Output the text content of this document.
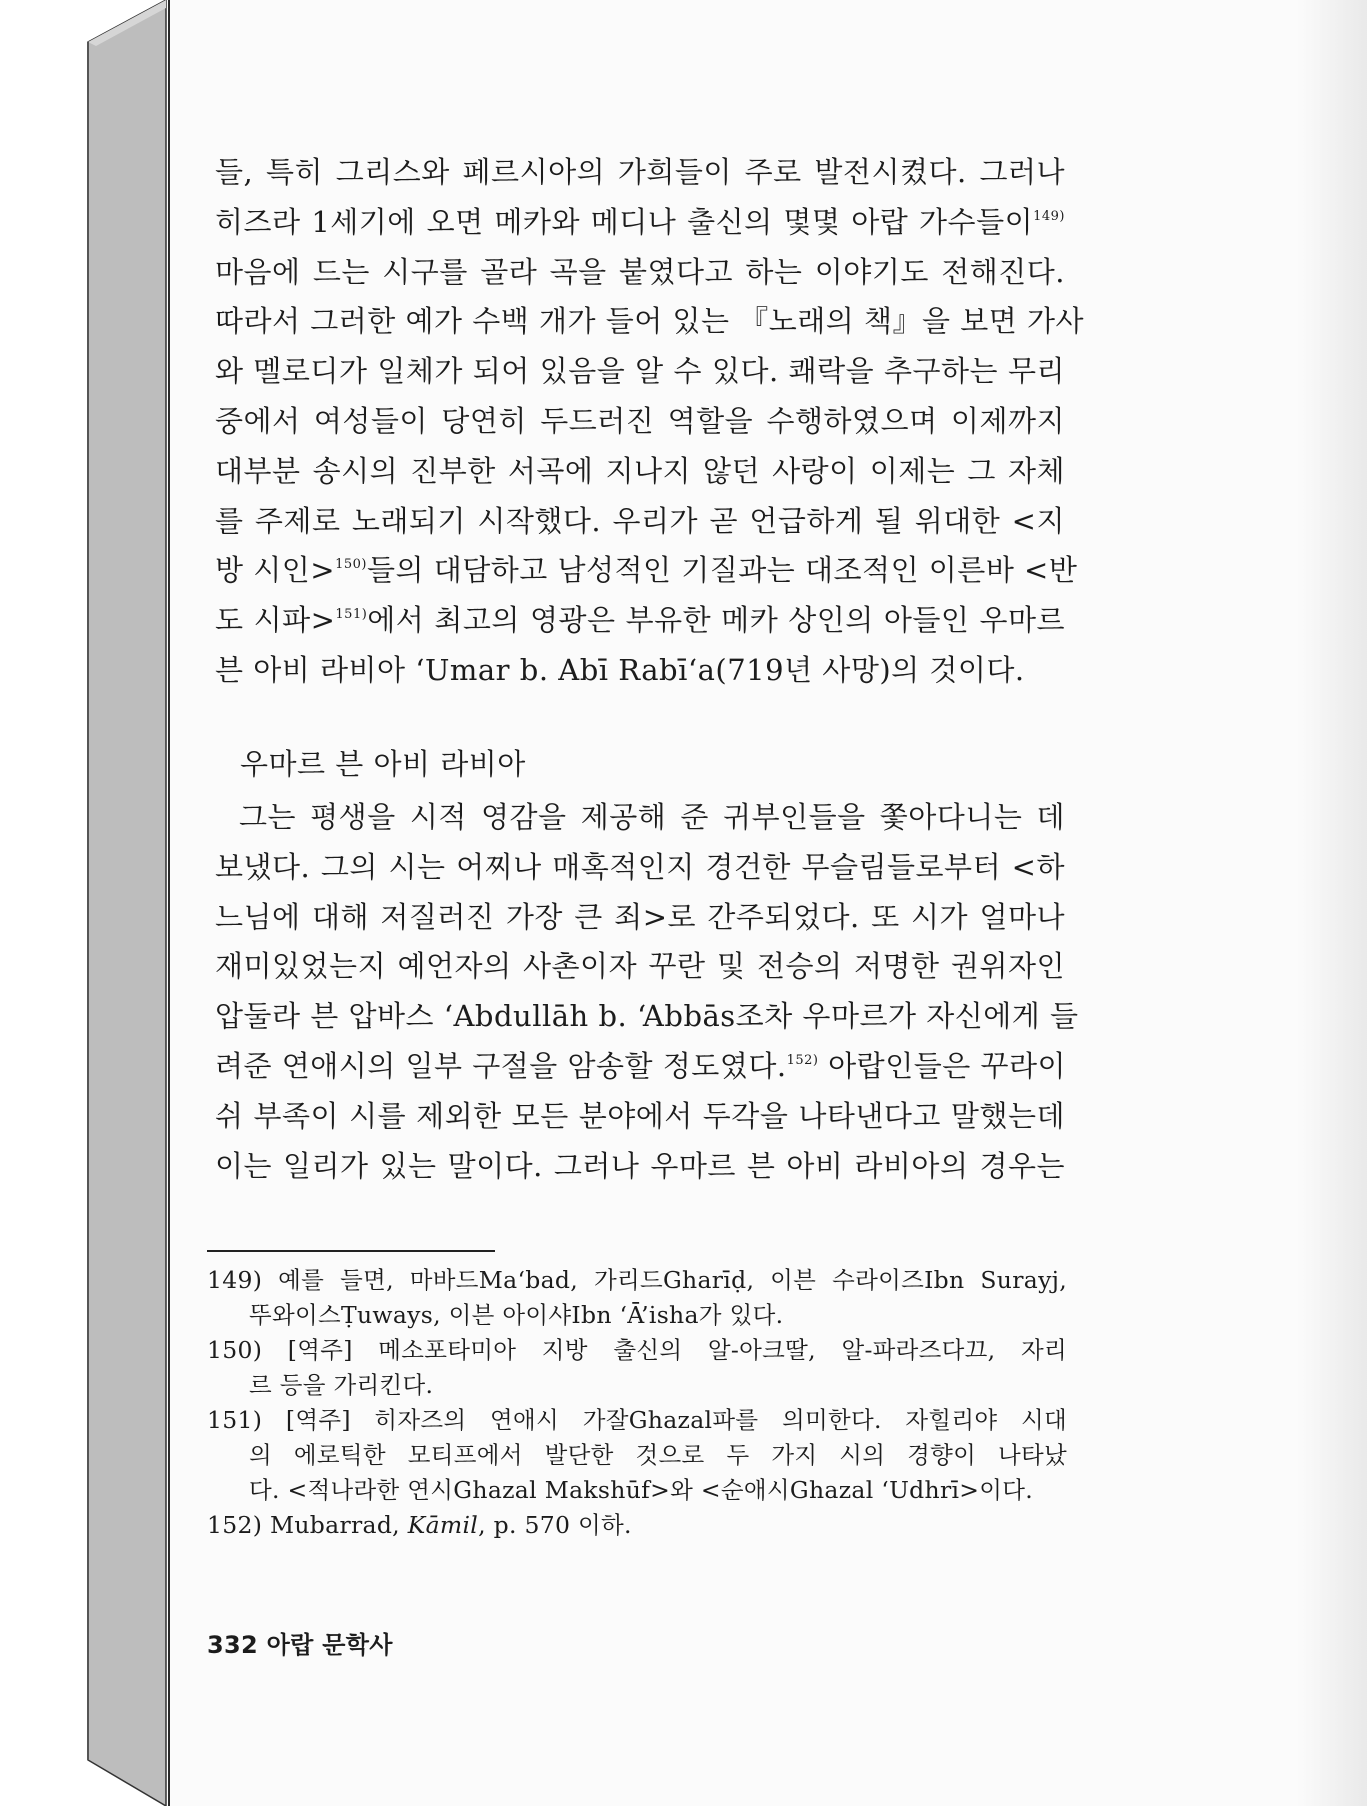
들, 특히 그리스와 페르시아의 가희들이 주로 발전시켰다. 그러나
히즈라 1세기에 오면 메카와 메디나 출신의 몇몇 아랍 가수들이$^{149)}$
마음에 드는 시구를 골라 곡을 붙였다고 하는 이야기도 전해진다.
따라서 그러한 예가 수백 개가 들어 있는 『노래의 책』을 보면 가사
와 멜로디가 일체가 되어 있음을 알 수 있다. 쾌락을 추구하는 무리
중에서 여성들이 당연히 두드러진 역할을 수행하였으며 이제까지
대부분 송시의 진부한 서곡에 지나지 않던 사랑이 이제는 그 자체
를 주제로 노래되기 시작했다. 우리가 곧 언급하게 될 위대한 <지
방 시인>$^{150)}$들의 대담하고 남성적인 기질과는 대조적인 이른바 <반
도 시파>$^{151)}$에서 최고의 영광은 부유한 메카 상인의 아들인 우마르
븐 아비 라비아 ‘Umar b. Abī Rabī‘a(719년 사망)의 것이다.
우마르 븐 아비 라비아
그는 평생을 시적 영감을 제공해 준 귀부인들을 쫓아다니는 데
보냈다. 그의 시는 어찌나 매혹적인지 경건한 무슬림들로부터 <하
느님에 대해 저질러진 가장 큰 죄>로 간주되었다. 또 시가 얼마나
재미있었는지 예언자의 사촌이자 꾸란 및 전승의 저명한 권위자인
압둘라 븐 압바스 ‘Abdullāh b. ‘Abbās조차 우마르가 자신에게 들
려준 연애시의 일부 구절을 암송할 정도였다.$^{152)}$ 아랍인들은 꾸라이
쉬 부족이 시를 제외한 모든 분야에서 두각을 나타낸다고 말했는데
이는 일리가 있는 말이다. 그러나 우마르 븐 아비 라비아의 경우는
149) 예를 들면, 마바드Ma‘bad, 가리드Gharīḍ, 이븐 수라이즈Ibn Surayj,
뚜와이스Ṭuways, 이븐 아이샤Ibn ‘Ā’isha가 있다.
150) [역주] 메소포타미아 지방 출신의 알-아크딸, 알-파라즈다끄, 자리
르 등을 가리킨다.
151) [역주] 히자즈의 연애시 가잘Ghazal파를 의미한다. 자힐리야 시대
의 에로틱한 모티프에서 발단한 것으로 두 가지 시의 경향이 나타났
다. <적나라한 연시Ghazal Makshūf>와 <순애시Ghazal ‘Udhrī>이다.
152) Mubarrad, Kāmil, p. 570 이하.
332 아랍 문학사
